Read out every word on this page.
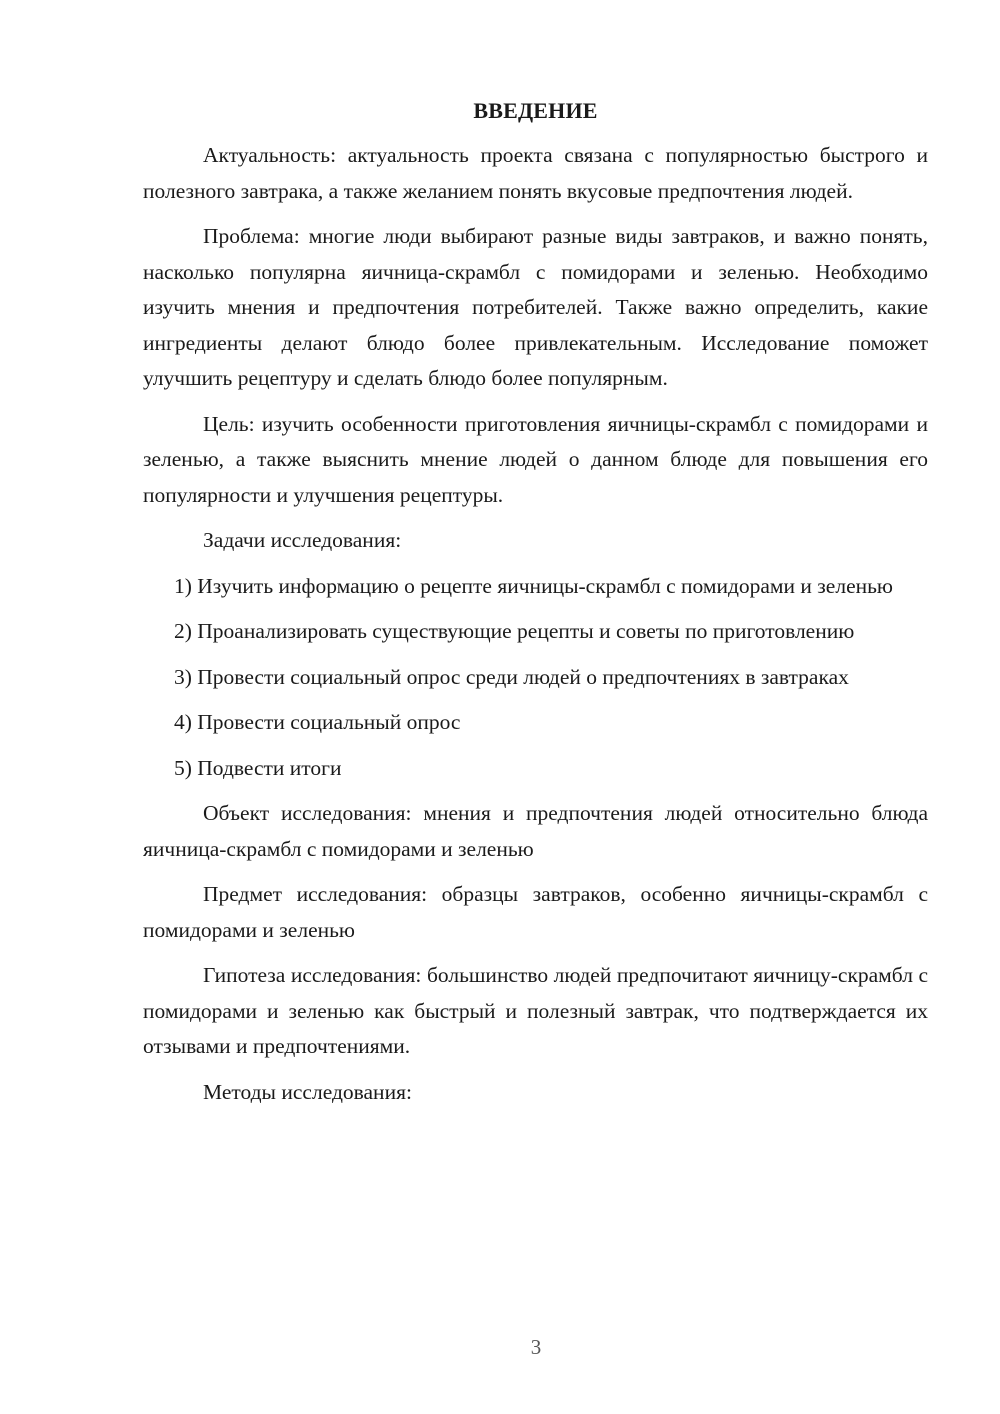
ВВЕДЕНИЕ
Актуальность: актуальность проекта связана с популярностью быстрого и полезного завтрака, а также желанием понять вкусовые предпочтения людей.
Проблема: многие люди выбирают разные виды завтраков, и важно понять, насколько популярна яичница-скрамбл с помидорами и зеленью. Необходимо изучить мнения и предпочтения потребителей. Также важно определить, какие ингредиенты делают блюдо более привлекательным. Исследование поможет улучшить рецептуру и сделать блюдо более популярным.
Цель: изучить особенности приготовления яичницы-скрамбл с помидорами и зеленью, а также выяснить мнение людей о данном блюде для повышения его популярности и улучшения рецептуры.
Задачи исследования:
1) Изучить информацию о рецепте яичницы-скрамбл с помидорами и зеленью
2) Проанализировать существующие рецепты и советы по приготовлению
3) Провести социальный опрос среди людей о предпочтениях в завтраках
4) Провести социальный опрос
5) Подвести итоги
Объект исследования: мнения и предпочтения людей относительно блюда яичница-скрамбл с помидорами и зеленью
Предмет исследования: образцы завтраков, особенно яичницы-скрамбл с помидорами и зеленью
Гипотеза исследования: большинство людей предпочитают яичницу-скрамбл с помидорами и зеленью как быстрый и полезный завтрак, что подтверждается их отзывами и предпочтениями.
Методы исследования:
3
